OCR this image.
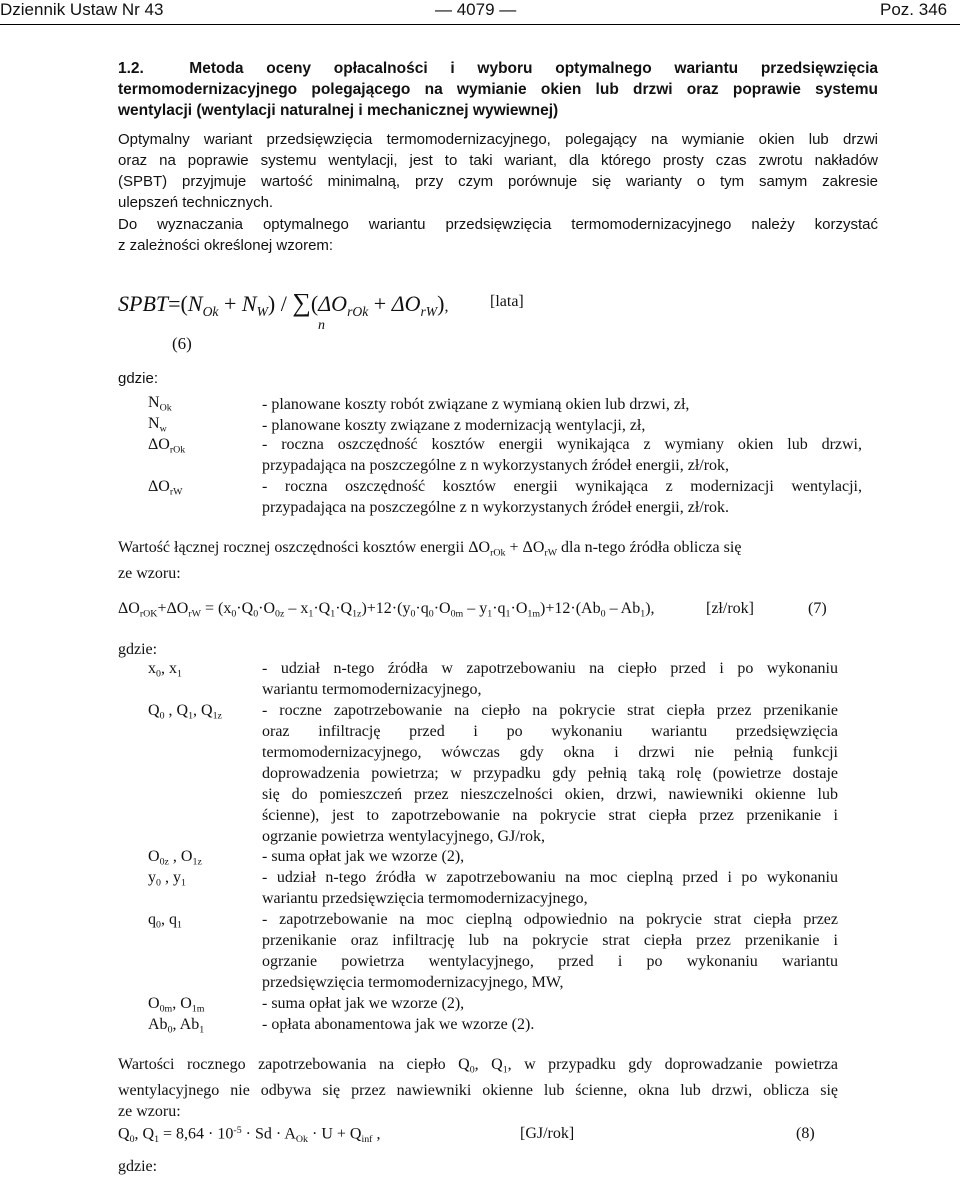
Dziennik Ustaw Nr 43	— 4079 —	Poz. 346
1.2.	Metoda oceny opłacalności i wyboru optymalnego wariantu przedsięwzięcia
termomodernizacyjnego polegającego na wymianie okien lub drzwi oraz poprawie systemu
wentylacji (wentylacji naturalnej i mechanicznej wywiewnej)
Optymalny wariant przedsięwzięcia termomodernizacyjnego, polegający na wymianie okien lub drzwi
oraz na poprawie systemu wentylacji, jest to taki wariant, dla którego prosty czas zwrotu nakładów
(SPBT) przyjmuje wartość minimalną, przy czym porównuje się warianty o tym samym zakresie
ulepszeń technicznych.
Do wyznaczania optymalnego wariantu przedsięwzięcia termomodernizacyjnego należy korzystać
z zależności określonej wzorem:
$SPBT=(N_{Ok} + N_W) / \sum(\Delta O_{rOk} + \Delta O_{rW})$,	[lata]
n
(6)
gdzie:
$N_{Ok}$	- planowane koszty robót związane z wymianą okien lub drzwi, zł,
$N_w$	- planowane koszty związane z modernizacją wentylacji, zł,
$\Delta O_{rOk}$	- roczna oszczędność kosztów energii wynikająca z wymiany okien lub drzwi,
przypadająca na poszczególne z n wykorzystanych źródeł energii, zł/rok,
$\Delta O_{rW}$	- roczna oszczędność kosztów energii wynikająca z modernizacji wentylacji,
przypadająca na poszczególne z n wykorzystanych źródeł energii, zł/rok.
Wartość łącznej rocznej oszczędności kosztów energii $\Delta O_{rOk} + \Delta O_{rW}$ dla n-tego źródła oblicza się
ze wzoru:
$\Delta O_{rOK}+\Delta O_{rW} = (x_0\cdot Q_0\cdot O_{0z} - x_1\cdot Q_1\cdot Q_{1z})+12\cdot(y_0\cdot q_0\cdot O_{0m} - y_1\cdot q_1\cdot O_{1m})+12\cdot(Ab_0 - Ab_1)$,	[zł/rok]	(7)
gdzie:
$x_0$, $x_1$	- udział n-tego źródła w zapotrzebowaniu na ciepło przed i po wykonaniu
wariantu termomodernizacyjnego,
$Q_0$ , $Q_1$, $Q_{1z}$	- roczne zapotrzebowanie na ciepło na pokrycie strat ciepła przez przenikanie
oraz infiltrację przed i po wykonaniu wariantu przedsięwzięcia
termomodernizacyjnego, wówczas gdy okna i drzwi nie pełnią funkcji
doprowadzenia powietrza; w przypadku gdy pełnią taką rolę (powietrze dostaje
się do pomieszczeń przez nieszczelności okien, drzwi, nawiewniki okienne lub
ścienne), jest to zapotrzebowanie na pokrycie strat ciepła przez przenikanie i
ogrzanie powietrza wentylacyjnego, GJ/rok,
$O_{0z}$ , $O_{1z}$	- suma opłat jak we wzorze (2),
$y_0$ , $y_1$	- udział n-tego źródła w zapotrzebowaniu na moc cieplną przed i po wykonaniu
wariantu przedsięwzięcia termomodernizacyjnego,
$q_0$, $q_1$	- zapotrzebowanie na moc cieplną odpowiednio na pokrycie strat ciepła przez
przenikanie oraz infiltrację lub na pokrycie strat ciepła przez przenikanie i
ogrzanie powietrza wentylacyjnego, przed i po wykonaniu wariantu
przedsięwzięcia termomodernizacyjnego, MW,
$O_{0m}$, $O_{1m}$	- suma opłat jak we wzorze (2),
$Ab_0$, $Ab_1$	- opłata abonamentowa jak we wzorze (2).
Wartości rocznego zapotrzebowania na ciepło $Q_0$, $Q_1$, w przypadku gdy doprowadzanie powietrza
wentylacyjnego nie odbywa się przez nawiewniki okienne lub ścienne, okna lub drzwi, oblicza się
ze wzoru:
$Q_0$, $Q_1 = 8,64 \cdot 10^{-5} \cdot Sd \cdot A_{Ok} \cdot U + Q_{inf}$ ,	[GJ/rok]	(8)
gdzie:
